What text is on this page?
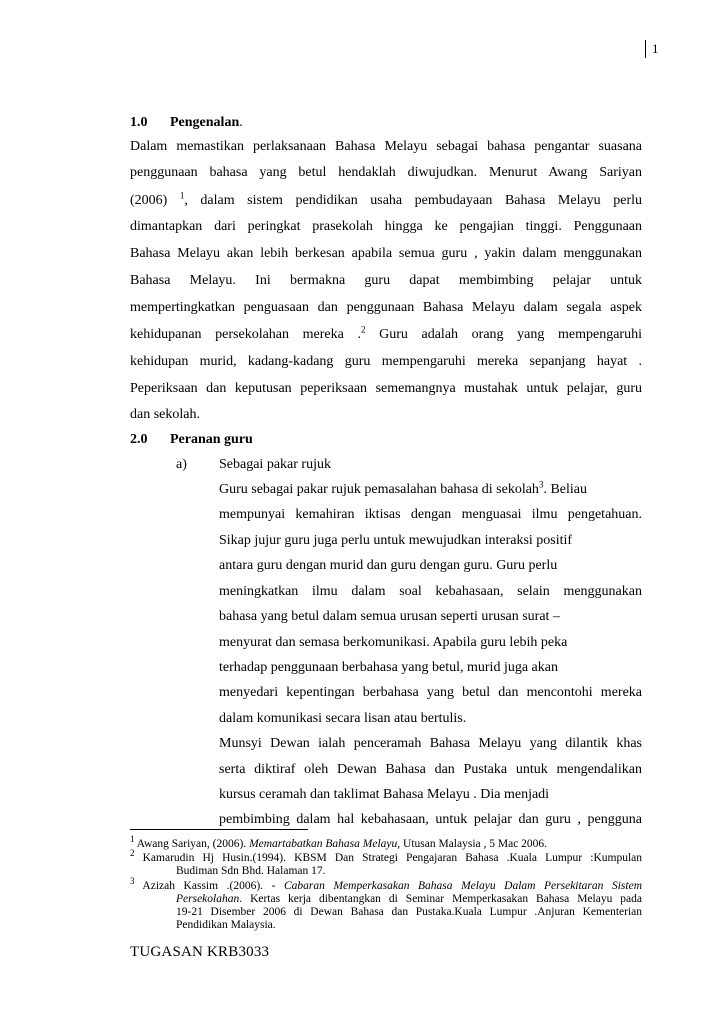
1
1.0 Pengenalan.
Dalam memastikan perlaksanaan Bahasa Melayu sebagai bahasa pengantar suasana
penggunaan bahasa yang betul hendaklah diwujudkan. Menurut Awang Sariyan
(2006) $^1$, dalam sistem pendidikan usaha pembudayaan Bahasa Melayu perlu
dimantapkan dari peringkat prasekolah hingga ke pengajian tinggi. Penggunaan
Bahasa Melayu akan lebih berkesan apabila semua guru , yakin dalam menggunakan
Bahasa Melayu. Ini bermakna guru dapat membimbing pelajar untuk
mempertingkatkan penguasaan dan penggunaan Bahasa Melayu dalam segala aspek
kehidupanan persekolahan mereka .$^2$ Guru adalah orang yang mempengaruhi
kehidupan murid, kadang-kadang guru mempengaruhi mereka sepanjang hayat .
Peperiksaan dan keputusan peperiksaan sememangnya mustahak untuk pelajar, guru
dan sekolah.
2.0 Peranan guru
a) Sebagai pakar rujuk
Guru sebagai pakar rujuk pemasalahan bahasa di sekolah$^3$. Beliau
mempunyai kemahiran iktisas dengan menguasai ilmu pengetahuan.
Sikap jujur guru juga perlu untuk mewujudkan interaksi positif
antara guru dengan murid dan guru dengan guru. Guru perlu
meningkatkan ilmu dalam soal kebahasaan, selain menggunakan
bahasa yang betul dalam semua urusan seperti urusan surat –
menyurat dan semasa berkomunikasi. Apabila guru lebih peka
terhadap penggunaan berbahasa yang betul, murid juga akan
menyedari kepentingan berbahasa yang betul dan mencontohi mereka
dalam komunikasi secara lisan atau bertulis.
Munsyi Dewan ialah penceramah Bahasa Melayu yang dilantik khas
serta diktiraf oleh Dewan Bahasa dan Pustaka untuk mengendalikan
kursus ceramah dan taklimat Bahasa Melayu . Dia menjadi
pembimbing dalam hal kebahasaan, untuk pelajar dan guru , pengguna
$^1$ Awang Sariyan, (2006). Memartabatkan Bahasa Melayu, Utusan Malaysia , 5 Mac 2006.
$^2$ Kamarudin Hj Husin.(1994). KBSM Dan Strategi Pengajaran Bahasa .Kuala Lumpur :Kumpulan
Budiman Sdn Bhd. Halaman 17.
$^3$ Azizah Kassim .(2006). - Cabaran Memperkasakan Bahasa Melayu Dalam Persekitaran Sistem
Persekolahan. Kertas kerja dibentangkan di Seminar Memperkasakan Bahasa Melayu pada
19-21 Disember 2006 di Dewan Bahasa dan Pustaka.Kuala Lumpur .Anjuran Kementerian
Pendidikan Malaysia.
TUGASAN KRB3033
